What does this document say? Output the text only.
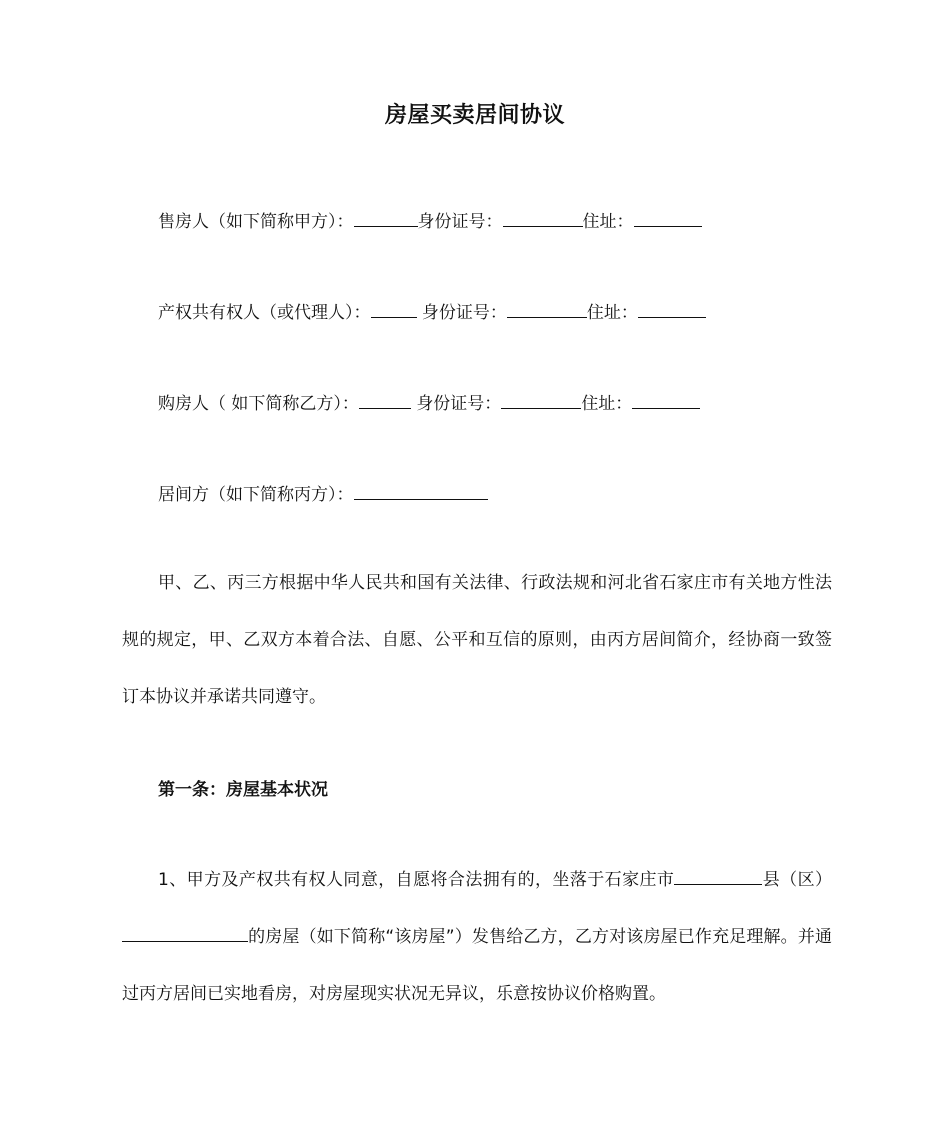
房屋买卖居间协议
售房人（如下简称甲方）：	身份证号：	住址：
产权共有权人（或代理人）：	身份证号：	住址：
购房人（ 如下简称乙方）：	身份证号：	住址：
居间方（如下简称丙方）：
甲、乙、丙三方根据中华人民共和国有关法律、行政法规和河北省石家庄市有关地方性法规的规定，甲、乙双方本着合法、自愿、公平和互信的原则，由丙方居间简介，经协商一致签订本协议并承诺共同遵守。
第一条：房屋基本状况
1、甲方及产权共有权人同意，自愿将合法拥有的，坐落于石家庄市	县（区）的房屋（如下简称“该房屋”）发售给乙方，乙方对该房屋已作充足理解。并通过丙方居间已实地看房，对房屋现实状况无异议，乐意按协议价格购置。
